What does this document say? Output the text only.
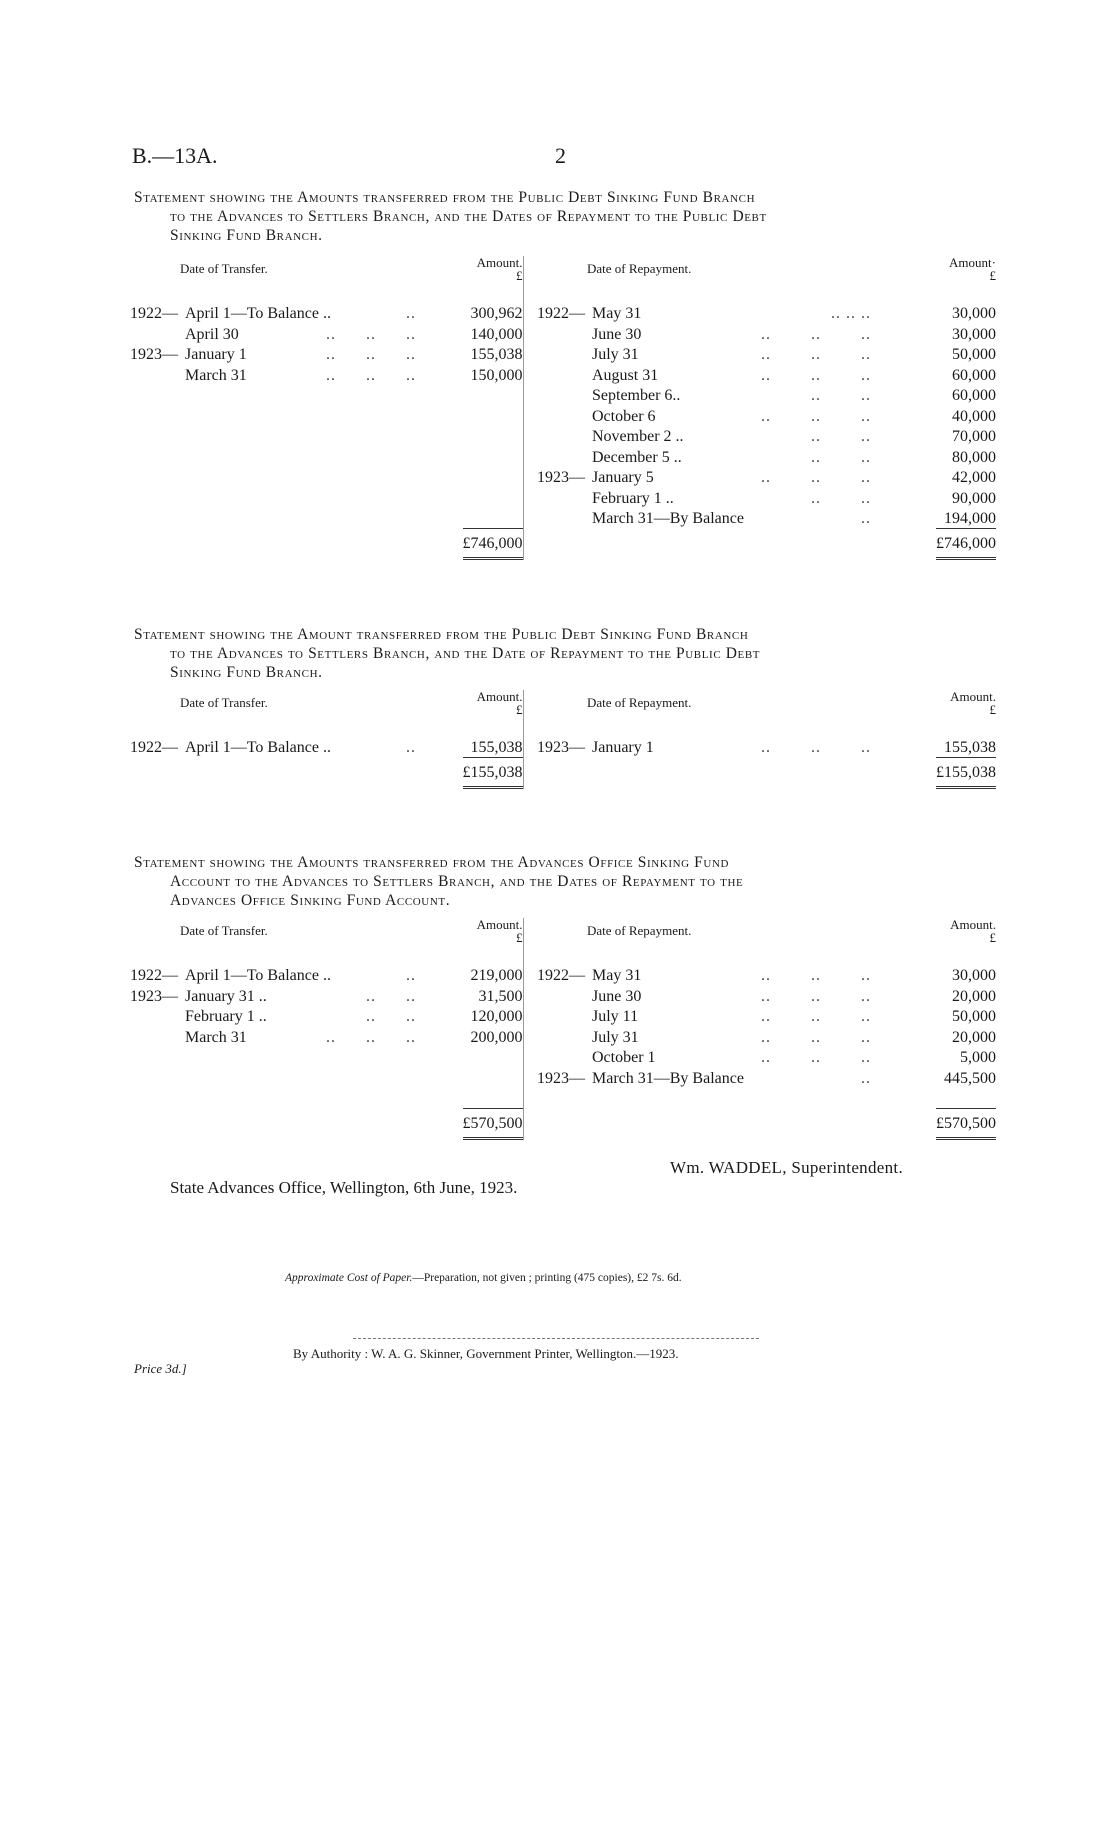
B.—13A.	2
Statement showing the Amounts transferred from the Public Debt Sinking Fund Branch
to the Advances to Settlers Branch, and the Dates of Repayment to the Public Debt
Sinking Fund Branch.
Date of Transfer.	Amount.
£		Date of Repayment.	Amount·
£

1922— April 1—To Balance .. ..	300,962		1922— May 31 .. .. ..	30,000
April 30 ..      ..      ..	140,000		June 30 ..        ..        ..	30,000
1923— January 1 ..      ..      ..	155,038		July 31 ..        ..        ..	50,000
March 31 ..      ..      ..	150,000		August 31 ..        ..        ..	60,000
			September 6.. ..        ..	60,000
			October 6 ..        ..        ..	40,000
			November 2 .. ..        ..	70,000
			December 5 .. ..        ..	80,000
			1923— January 5 ..        ..        ..	42,000
			February 1 .. ..        ..	90,000
			March 31—By Balance ..	194,000
	£746,000			£746,000
Statement showing the Amount transferred from the Public Debt Sinking Fund Branch
to the Advances to Settlers Branch, and the Date of Repayment to the Public Debt
Sinking Fund Branch.
Date of Transfer.	Amount.
£		Date of Repayment.	Amount.
£

1922— April 1—To Balance .. ..	155,038		1923— January 1 ..        ..        ..	155,038
	£155,038			£155,038
Statement showing the Amounts transferred from the Advances Office Sinking Fund
Account to the Advances to Settlers Branch, and the Dates of Repayment to the
Advances Office Sinking Fund Account.
Date of Transfer.	Amount.
£		Date of Repayment.	Amount.
£

1922— April 1—To Balance .. ..	219,000		1922— May 31 ..        ..        ..	30,000
1923— January 31 .. ..      ..	31,500		June 30 ..        ..        ..	20,000
February 1 .. ..      ..	120,000		July 11 ..        ..        ..	50,000
March 31 ..      ..      ..	200,000		July 31 ..        ..        ..	20,000
			October 1 ..        ..        ..	5,000
			1923— March 31—By Balance ..	445,500

	£570,500			£570,500
Wm. WADDEL, Superintendent.
State Advances Office, Wellington, 6th June, 1923.
Approximate Cost of Paper.—Preparation, not given ; printing (475 copies), £2 7s. 6d.
By Authority : W. A. G. Skinner, Government Printer, Wellington.—1923.
Price 3d.]
